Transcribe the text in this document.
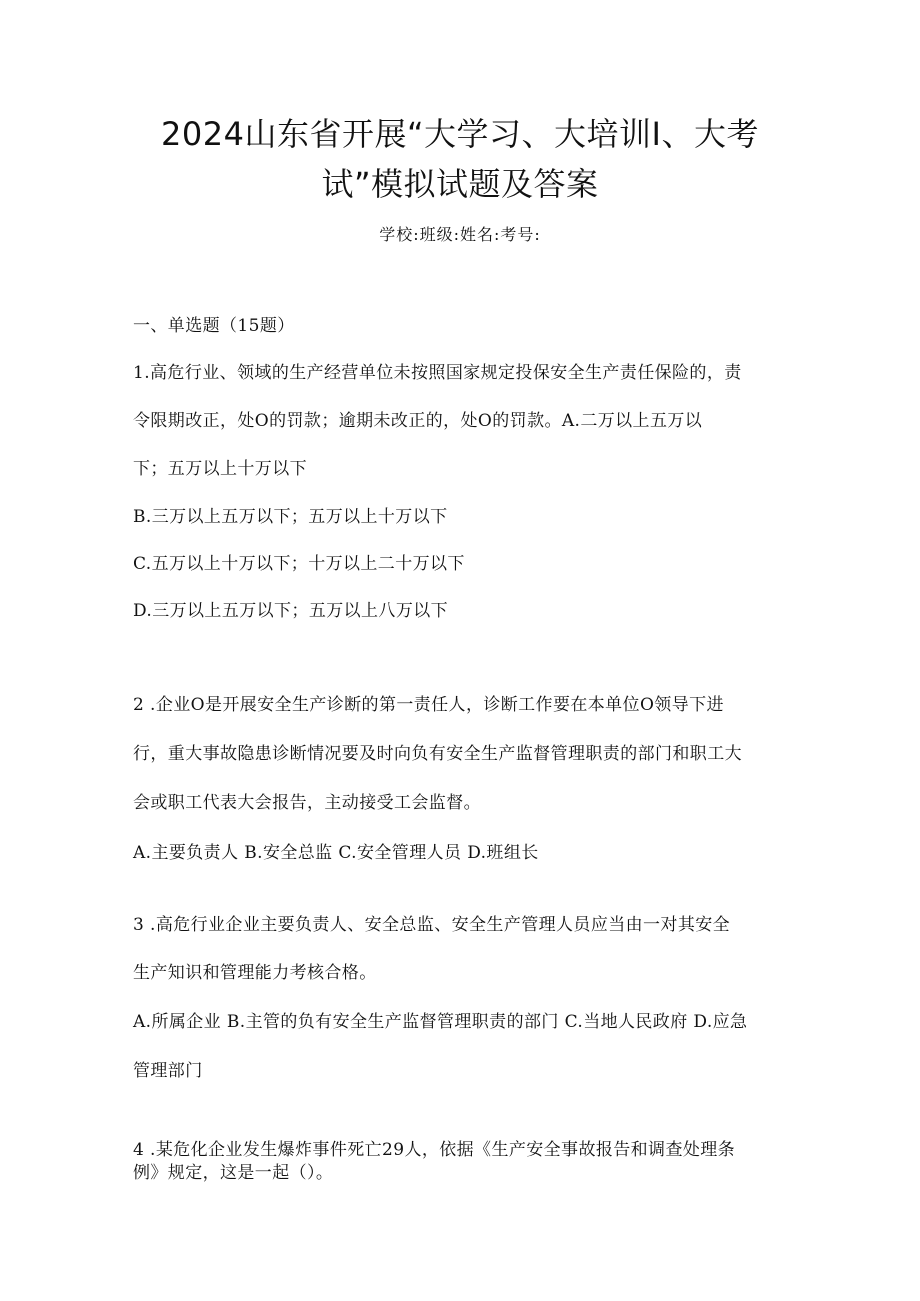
2024山东省开展“大学习、大培训I、大考
试”模拟试题及答案
学校:班级:姓名:考号:
一、单选题（15题）
1.高危行业、领域的生产经营单位未按照国家规定投保安全生产责任保险的，责
令限期改正，处O的罚款；逾期未改正的，处O的罚款。A.二万以上五万以
下；五万以上十万以下
B.三万以上五万以下；五万以上十万以下
C.五万以上十万以下；十万以上二十万以下
D.三万以上五万以下；五万以上八万以下
2 .企业O是开展安全生产诊断的第一责任人，诊断工作要在本单位O领导下进
行，重大事故隐患诊断情况要及时向负有安全生产监督管理职责的部门和职工大
会或职工代表大会报告，主动接受工会监督。
A.主要负责人 B.安全总监 C.安全管理人员 D.班组长
3 .高危行业企业主要负责人、安全总监、安全生产管理人员应当由一对其安全
生产知识和管理能力考核合格。
A.所属企业 B.主管的负有安全生产监督管理职责的部门 C.当地人民政府 D.应急
管理部门
4 .某危化企业发生爆炸事件死亡29人，依据《生产安全事故报告和调查处理条
例》规定，这是一起（）。
